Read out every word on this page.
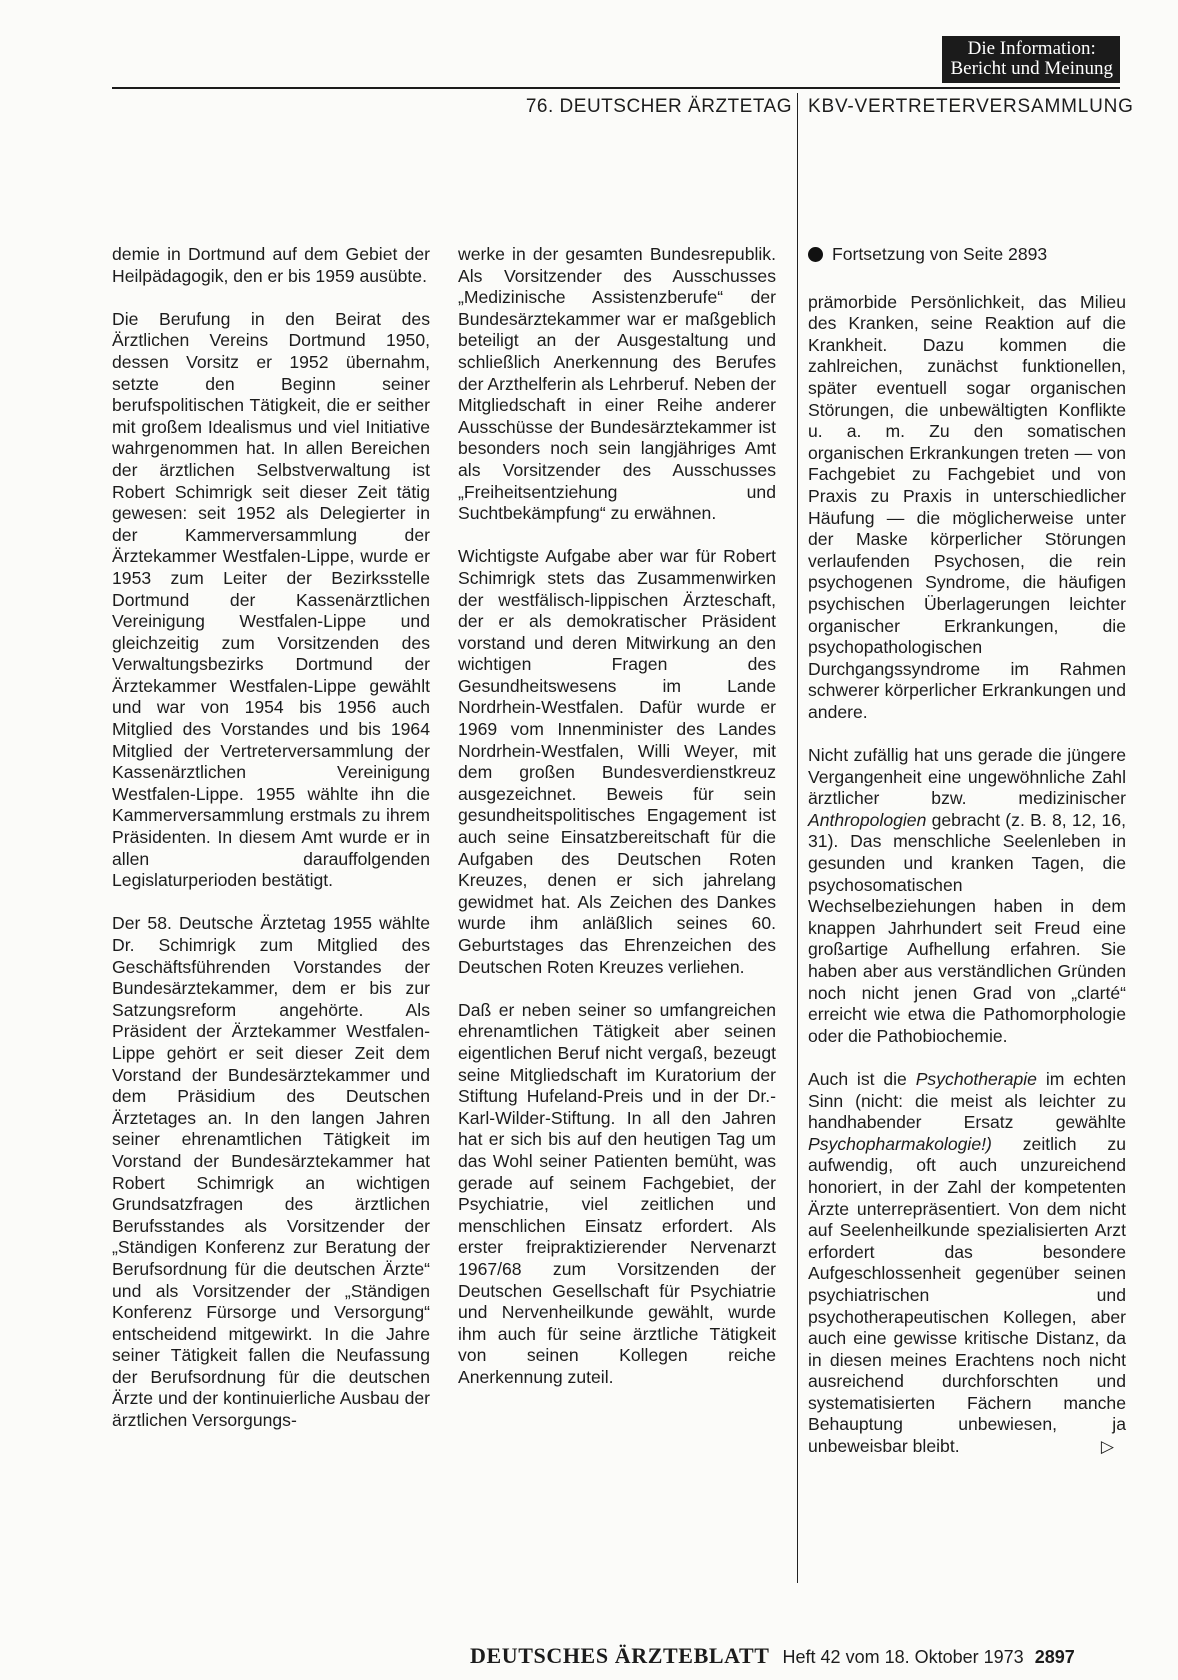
Die Information:
Bericht und Meinung
76. DEUTSCHER ÄRZTETAG KBV-VERTRETERVERSAMMLUNG

demie in Dortmund auf dem Gebiet der Heilpädagogik, den er bis 1959 ausübte.

Die Berufung in den Beirat des Ärztlichen Vereins Dortmund 1950, dessen Vorsitz er 1952 übernahm, setzte den Beginn seiner berufspolitischen Tätigkeit, die er seither mit großem Idealismus und viel Initiative wahrgenommen hat. In allen Bereichen der ärztlichen Selbstverwaltung ist Robert Schimrigk seit dieser Zeit tätig gewesen: seit 1952 als Delegierter in der Kammerversammlung der Ärztekammer Westfalen-Lippe, wurde er 1953 zum Leiter der Bezirksstelle Dortmund der Kassenärztlichen Vereinigung Westfalen-Lippe und gleichzeitig zum Vorsitzenden des Verwaltungsbezirks Dortmund der Ärztekammer Westfalen-Lippe gewählt und war von 1954 bis 1956 auch Mitglied des Vorstandes und bis 1964 Mitglied der Vertreterversammlung der Kassenärztlichen Vereinigung Westfalen-Lippe. 1955 wählte ihn die Kammerversammlung erstmals zu ihrem Präsidenten. In diesem Amt wurde er in allen darauffolgenden Legislaturperioden bestätigt.

Der 58. Deutsche Ärztetag 1955 wählte Dr. Schimrigk zum Mitglied des Geschäftsführenden Vorstandes der Bundesärztekammer, dem er bis zur Satzungsreform angehörte. Als Präsident der Ärztekammer Westfalen-Lippe gehört er seit dieser Zeit dem Vorstand der Bundesärztekammer und dem Präsidium des Deutschen Ärztetages an. In den langen Jahren seiner ehrenamtlichen Tätigkeit im Vorstand der Bundesärztekammer hat Robert Schimrigk an wichtigen Grundsatzfragen des ärztlichen Berufsstandes als Vorsitzender der „Ständigen Konferenz zur Beratung der Berufsordnung für die deutschen Ärzte“ und als Vorsitzender der „Ständigen Konferenz Fürsorge und Versorgung“ entscheidend mitgewirkt. In die Jahre seiner Tätigkeit fallen die Neufassung der Berufsordnung für die deutschen Ärzte und der kontinuierliche Ausbau der ärztlichen Versorgungs-

werke in der gesamten Bundesrepublik. Als Vorsitzender des Ausschusses „Medizinische Assistenzberufe“ der Bundesärztekammer war er maßgeblich beteiligt an der Ausgestaltung und schließlich Anerkennung des Berufes der Arzthelferin als Lehrberuf. Neben der Mitgliedschaft in einer Reihe anderer Ausschüsse der Bundesärztekammer ist besonders noch sein langjähriges Amt als Vorsitzender des Ausschusses „Freiheitsentziehung und Suchtbekämpfung“ zu erwähnen.

Wichtigste Aufgabe aber war für Robert Schimrigk stets das Zusammenwirken der westfälisch-lippischen Ärzteschaft, der er als demokratischer Präsident vorstand und deren Mitwirkung an den wichtigen Fragen des Gesundheitswesens im Lande Nordrhein-Westfalen. Dafür wurde er 1969 vom Innenminister des Landes Nordrhein-Westfalen, Willi Weyer, mit dem großen Bundesverdienstkreuz ausgezeichnet. Beweis für sein gesundheitspolitisches Engagement ist auch seine Einsatzbereitschaft für die Aufgaben des Deutschen Roten Kreuzes, denen er sich jahrelang gewidmet hat. Als Zeichen des Dankes wurde ihm anläßlich seines 60. Geburtstages das Ehrenzeichen des Deutschen Roten Kreuzes verliehen.

Daß er neben seiner so umfangreichen ehrenamtlichen Tätigkeit aber seinen eigentlichen Beruf nicht vergaß, bezeugt seine Mitgliedschaft im Kuratorium der Stiftung Hufeland-Preis und in der Dr.-Karl-Wilder-Stiftung. In all den Jahren hat er sich bis auf den heutigen Tag um das Wohl seiner Patienten bemüht, was gerade auf seinem Fachgebiet, der Psychiatrie, viel zeitlichen und menschlichen Einsatz erfordert. Als erster freipraktizierender Nervenarzt 1967/68 zum Vorsitzenden der Deutschen Gesellschaft für Psychiatrie und Nervenheilkunde gewählt, wurde ihm auch für seine ärztliche Tätigkeit von seinen Kollegen reiche Anerkennung zuteil.

Fortsetzung von Seite 2893

prämorbide Persönlichkeit, das Milieu des Kranken, seine Reaktion auf die Krankheit. Dazu kommen die zahlreichen, zunächst funktionellen, später eventuell sogar organischen Störungen, die unbewältigten Konflikte u. a. m. Zu den somatischen organischen Erkrankungen treten — von Fachgebiet zu Fachgebiet und von Praxis zu Praxis in unterschiedlicher Häufung — die möglicherweise unter der Maske körperlicher Störungen verlaufenden Psychosen, die rein psychogenen Syndrome, die häufigen psychischen Überlagerungen leichter organischer Erkrankungen, die psychopathologischen Durchgangssyndrome im Rahmen schwerer körperlicher Erkrankungen und andere.

Nicht zufällig hat uns gerade die jüngere Vergangenheit eine ungewöhnliche Zahl ärztlicher bzw. medizinischer Anthropologien gebracht (z. B. 8, 12, 16, 31). Das menschliche Seelenleben in gesunden und kranken Tagen, die psychosomatischen Wechselbeziehungen haben in dem knappen Jahrhundert seit Freud eine großartige Aufhellung erfahren. Sie haben aber aus verständlichen Gründen noch nicht jenen Grad von „clarté“ erreicht wie etwa die Pathomorphologie oder die Pathobiochemie.

Auch ist die Psychotherapie im echten Sinn (nicht: die meist als leichter zu handhabender Ersatz gewählte Psychopharmakologie!) zeitlich zu aufwendig, oft auch unzureichend honoriert, in der Zahl der kompetenten Ärzte unterrepräsentiert. Von dem nicht auf Seelenheilkunde spezialisierten Arzt erfordert das besondere Aufgeschlossenheit gegenüber seinen psychiatrischen und psychotherapeutischen Kollegen, aber auch eine gewisse kritische Distanz, da in diesen meines Erachtens noch nicht ausreichend durchforschten und systematisierten Fächern manche Behauptung unbewiesen, ja unbeweisbar bleibt.	▷

DEUTSCHES ÄRZTEBLATT Heft 42 vom 18. Oktober 1973 2897
